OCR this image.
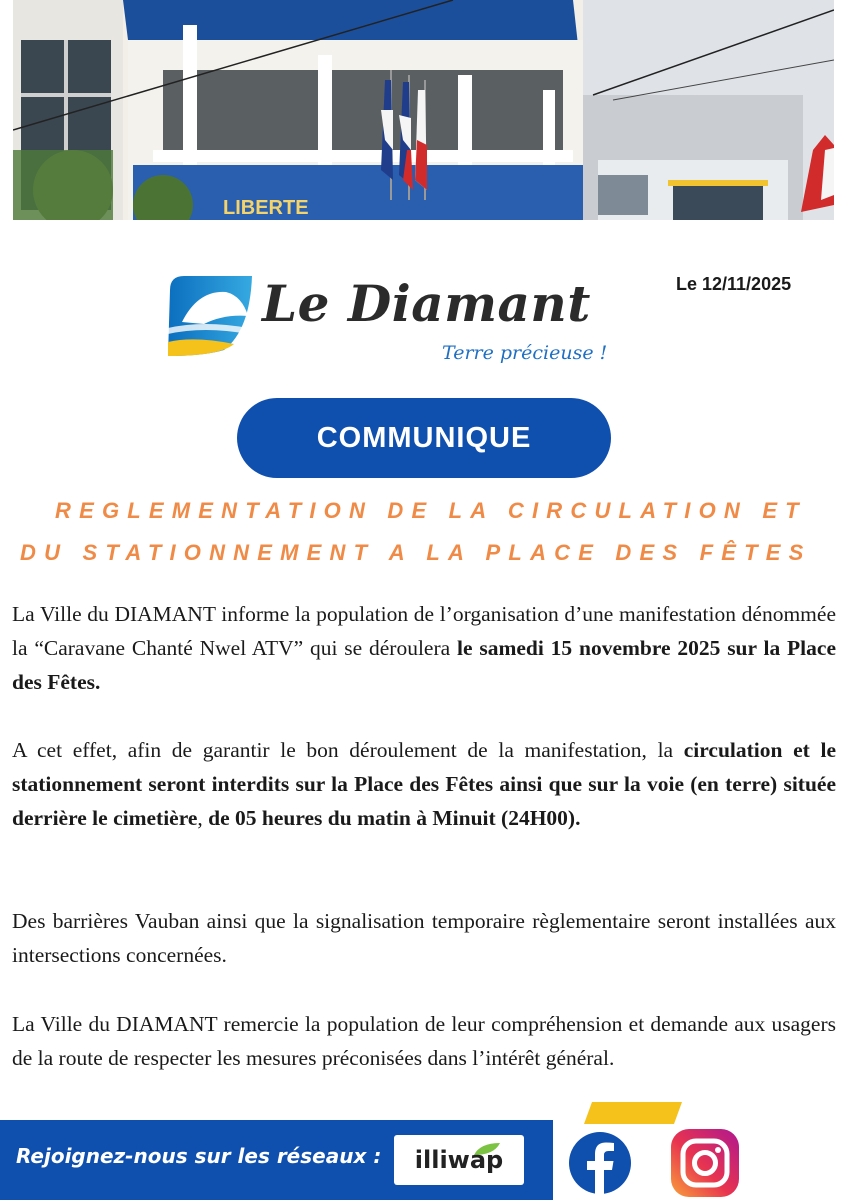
LIBERTE
Le Diamant
Terre précieuse !
Le 12/11/2025
COMMUNIQUE
REGLEMENTATION DE LA CIRCULATION ET
DU STATIONNEMENT A LA PLACE DES FÊTES
La Ville du DIAMANT informe la population de l’organisation d’une manifestation dénommée la “Caravane Chanté Nwel ATV” qui se déroulera le samedi 15 novembre 2025 sur la Place des Fêtes.
A cet effet, afin de garantir le bon déroulement de la manifestation, la circulation et le stationnement seront interdits sur la Place des Fêtes ainsi que sur la voie (en terre) située derrière le cimetière, de 05 heures du matin à Minuit (24H00).
Des barrières Vauban ainsi que la signalisation temporaire règlementaire seront installées aux intersections concernées.
La Ville du DIAMANT remercie la population de leur compréhension et demande aux usagers de la route de respecter les mesures préconisées dans l’intérêt général.
Rejoignez-nous sur les réseaux : illiwap
